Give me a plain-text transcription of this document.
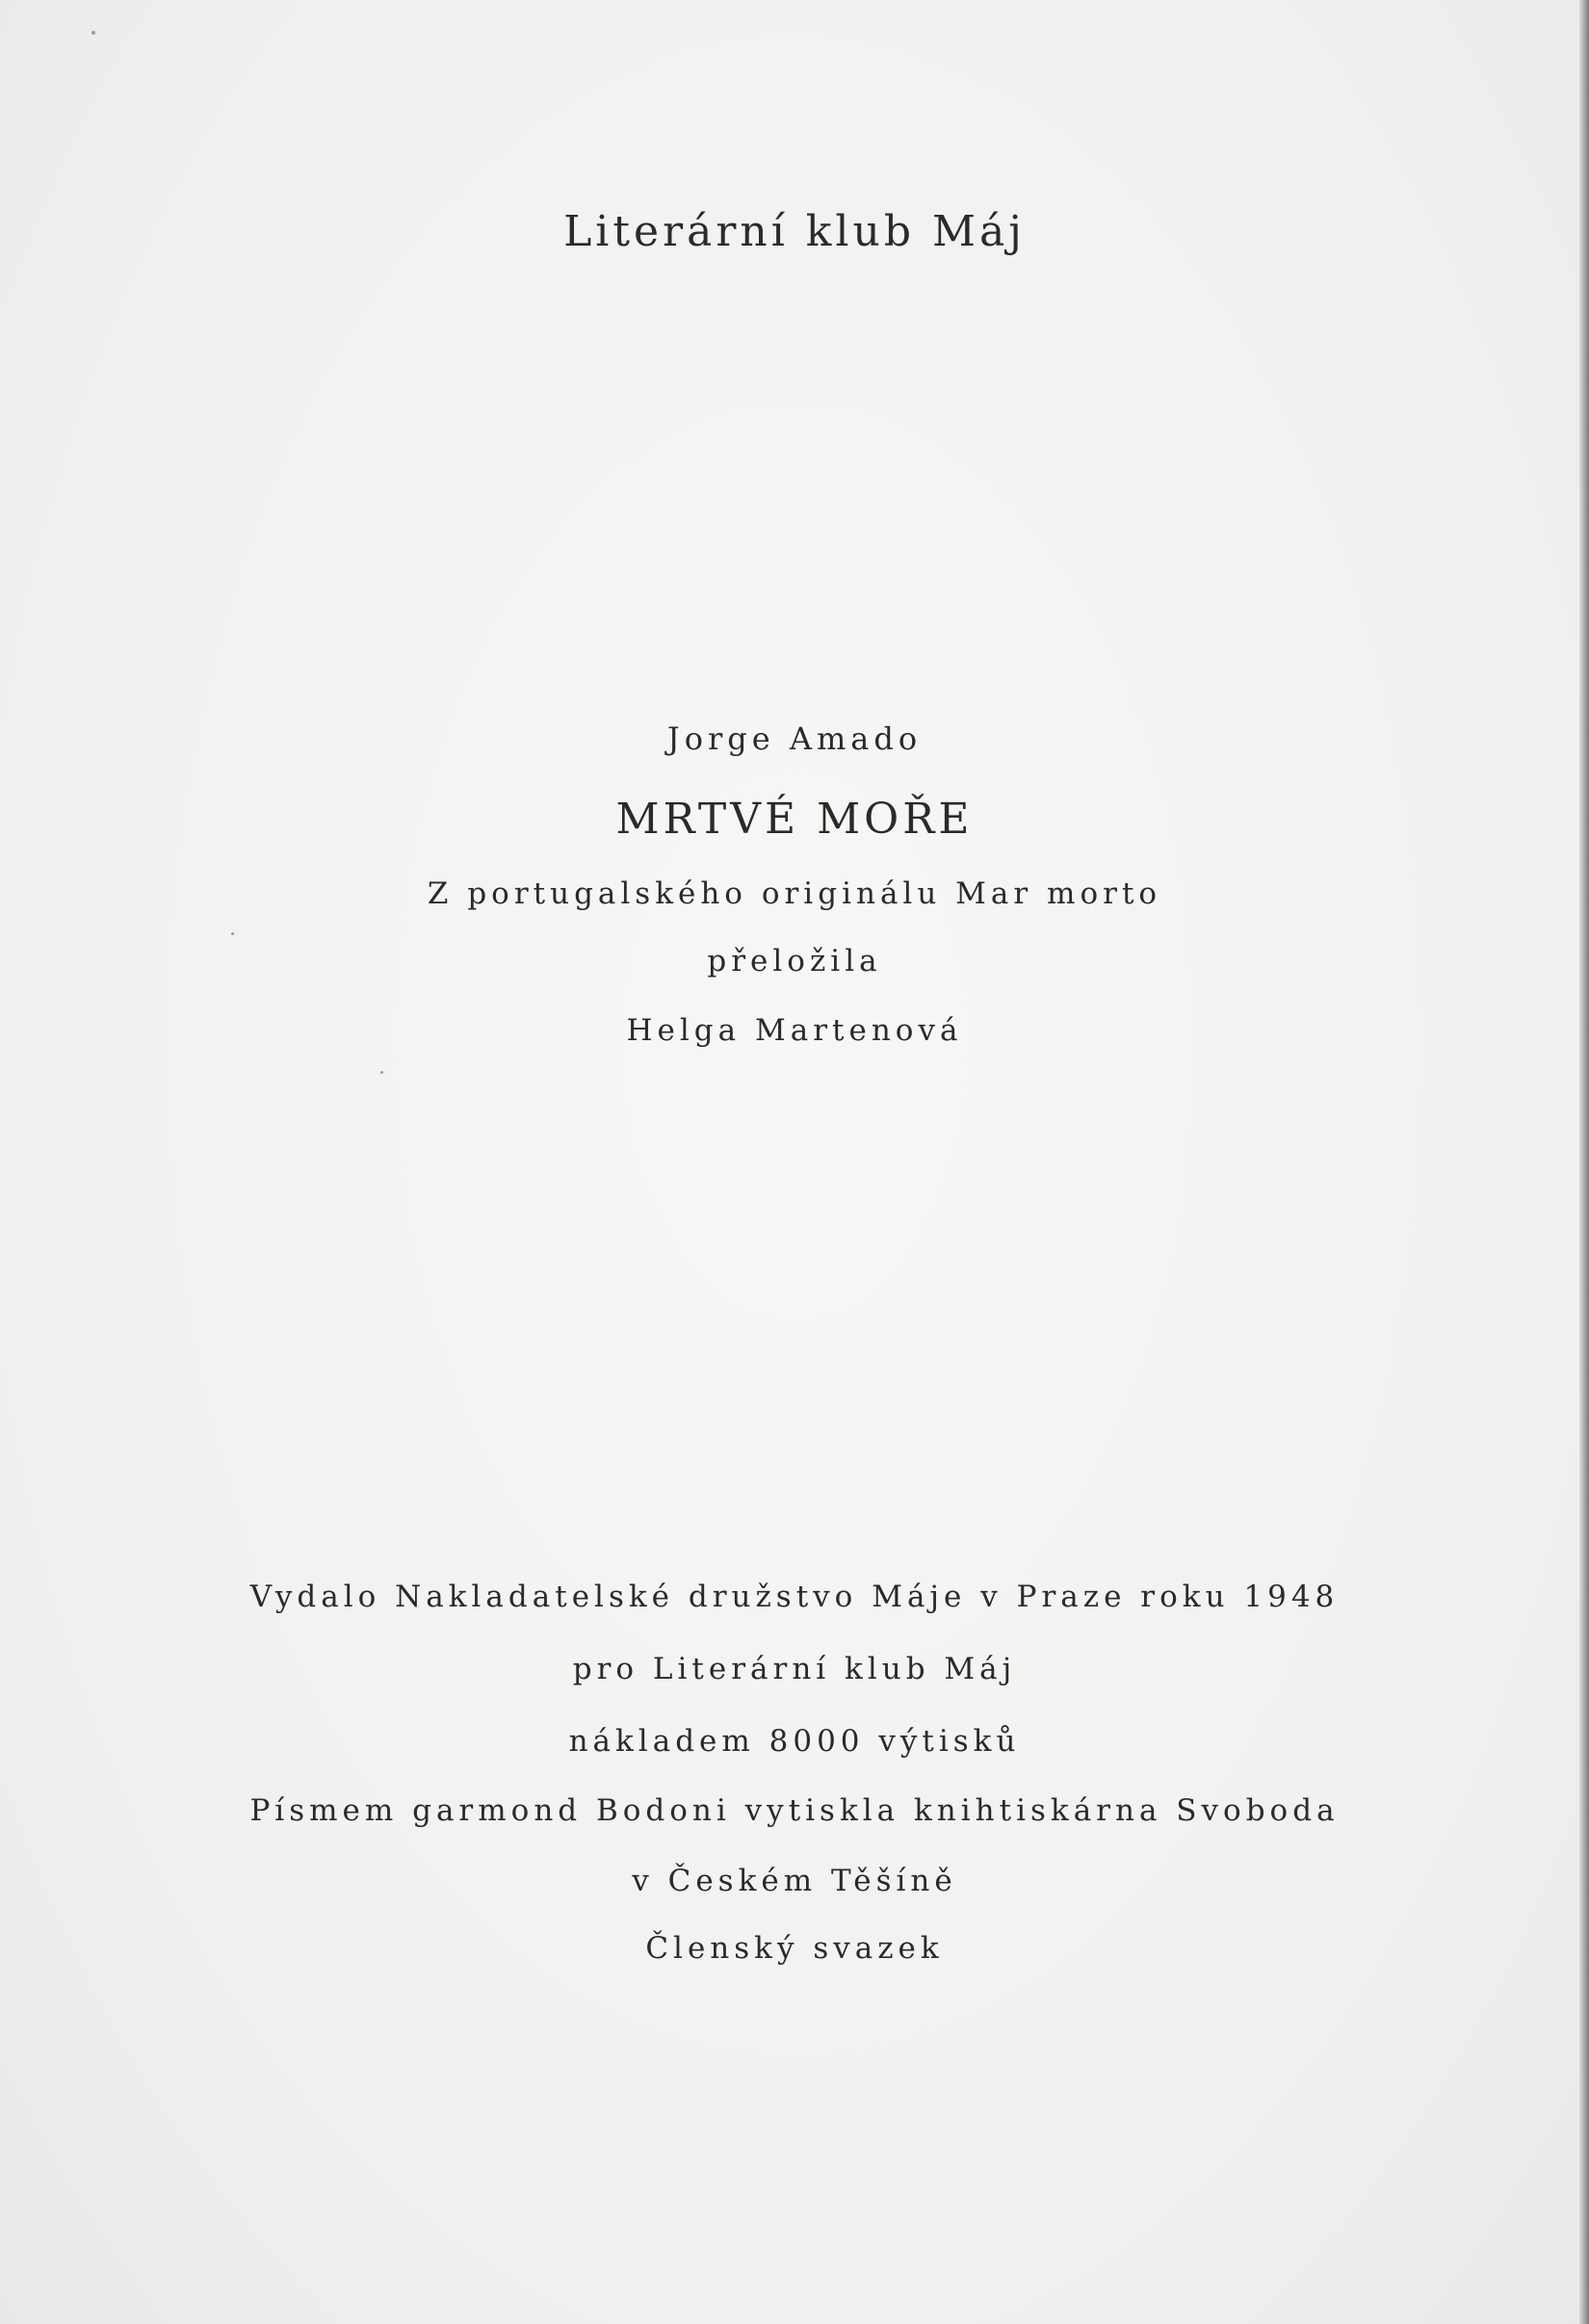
Literární klub Máj
Jorge Amado
MRTVÉ MOŘE
Z portugalského originálu Mar morto
přeložila
Helga Martenová
Vydalo Nakladatelské družstvo Máje v Praze roku 1948
pro Literární klub Máj
nákladem 8000 výtisků
Písmem garmond Bodoni vytiskla knihtiskárna Svoboda
v Českém Těšíně
Členský svazek
